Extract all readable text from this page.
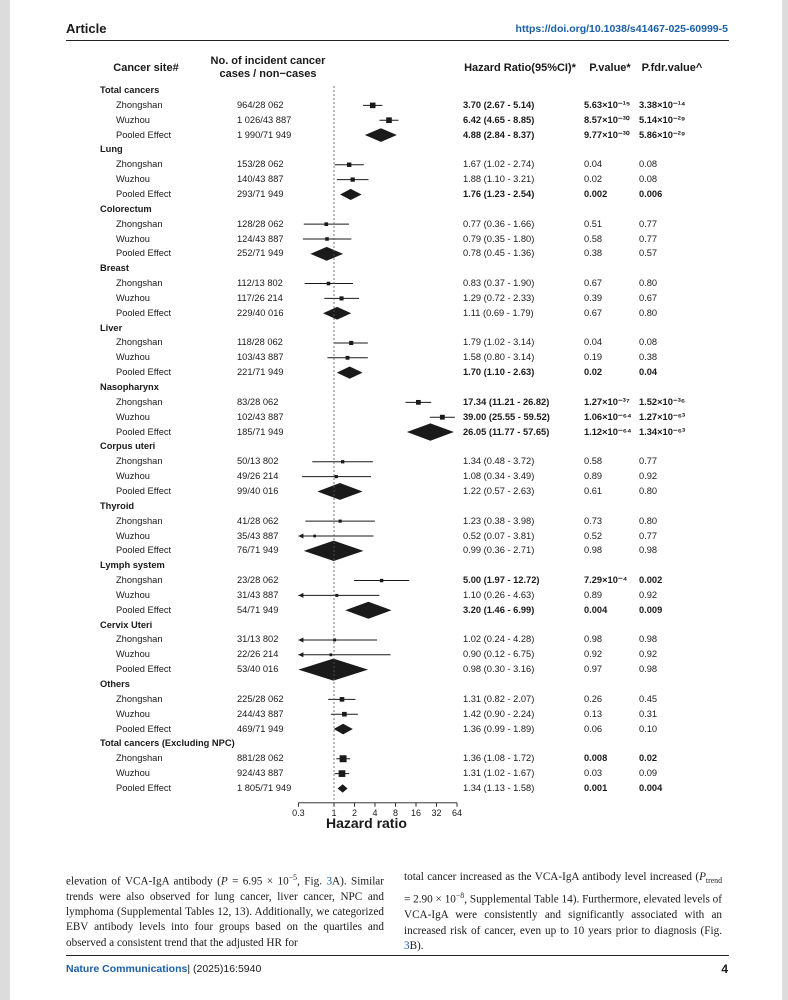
Article	https://doi.org/10.1038/s41467-025-60999-5
Cancer site#
No. of incident cancer
cases / non−cases	Hazard Ratio(95%CI)*	P.value* P.fdr.value^
Total cancers
Zhongshan	964/28 062	3.70 (2.67 - 5.14)	5.63×10⁻¹⁵ 3.38×10⁻¹⁴
Wuzhou	1 026/43 887	6.42 (4.65 - 8.85)	8.57×10⁻³⁰ 5.14×10⁻²⁹
Pooled Effect	1 990/71 949	4.88 (2.84 - 8.37)	9.77×10⁻³⁰ 5.86×10⁻²⁹
Lung
Zhongshan	153/28 062	1.67 (1.02 - 2.74)	0.04	0.08
Wuzhou	140/43 887	1.88 (1.10 - 3.21)	0.02	0.08
Pooled Effect	293/71 949	1.76 (1.23 - 2.54)	0.002	0.006
Colorectum
Zhongshan	128/28 062	0.77 (0.36 - 1.66)	0.51	0.77
Wuzhou	124/43 887	0.79 (0.35 - 1.80)	0.58	0.77
Pooled Effect	252/71 949	0.78 (0.45 - 1.36)	0.38	0.57
Breast
Zhongshan	112/13 802	0.83 (0.37 - 1.90)	0.67	0.80
Wuzhou	117/26 214	1.29 (0.72 - 2.33)	0.39	0.67
Pooled Effect	229/40 016	1.11 (0.69 - 1.79)	0.67	0.80
Liver
Zhongshan	118/28 062	1.79 (1.02 - 3.14)	0.04	0.08
Wuzhou	103/43 887	1.58 (0.80 - 3.14)	0.19	0.38
Pooled Effect	221/71 949	1.70 (1.10 - 2.63)	0.02	0.04
Nasopharynx
Zhongshan	83/28 062	17.34 (11.21 - 26.82)	1.27×10⁻³⁷ 1.52×10⁻³⁶
Wuzhou	102/43 887	39.00 (25.55 - 59.52)	1.06×10⁻⁶⁴ 1.27×10⁻⁶³
Pooled Effect	185/71 949	26.05 (11.77 - 57.65)	1.12×10⁻⁶⁴ 1.34×10⁻⁶³
Corpus uteri
Zhongshan	50/13 802	1.34 (0.48 - 3.72)	0.58	0.77
Wuzhou	49/26 214	1.08 (0.34 - 3.49)	0.89	0.92
Pooled Effect	99/40 016	1.22 (0.57 - 2.63)	0.61	0.80
Thyroid
Zhongshan	41/28 062	1.23 (0.38 - 3.98)	0.73	0.80
Wuzhou	35/43 887	0.52 (0.07 - 3.81)	0.52	0.77
Pooled Effect	76/71 949	0.99 (0.36 - 2.71)	0.98	0.98
Lymph system
Zhongshan	23/28 062	5.00 (1.97 - 12.72)	7.29×10⁻⁴ 0.002
Wuzhou	31/43 887	1.10 (0.26 - 4.63)	0.89	0.92
Pooled Effect	54/71 949	3.20 (1.46 - 6.99)	0.004	0.009
Cervix Uteri
Zhongshan	31/13 802	1.02 (0.24 - 4.28)	0.98	0.98
Wuzhou	22/26 214	0.90 (0.12 - 6.75)	0.92	0.92
Pooled Effect	53/40 016	0.98 (0.30 - 3.16)	0.97	0.98
Others
Zhongshan	225/28 062	1.31 (0.82 - 2.07)	0.26	0.45
Wuzhou	244/43 887	1.42 (0.90 - 2.24)	0.13	0.31
Pooled Effect	469/71 949	1.36 (0.99 - 1.89)	0.06	0.10
Total cancers (Excluding NPC)
Zhongshan	881/28 062	1.36 (1.08 - 1.72)	0.008	0.02
Wuzhou	924/43 887	1.31 (1.02 - 1.67)	0.03	0.09
Pooled Effect	1 805/71 949	1.34 (1.13 - 1.58)	0.001	0.004
Hazard ratio
elevation of VCA-IgA antibody ($P = 6.95 \times 10^{-5}$, Fig. 3A). Similar trends were also observed for lung cancer, liver cancer, NPC and lymphoma (Supplemental Tables 12, 13). Additionally, we categorized EBV antibody levels into four groups based on the quartiles and observed a consistent trend that the adjusted HR for
total cancer increased as the VCA-IgA antibody level increased ($P_{trend} = 2.90 \times 10^{-8}$, Supplemental Table 14). Furthermore, elevated levels of VCA-IgA were consistently and significantly associated with an increased risk of cancer, even up to 10 years prior to diagnosis (Fig. 3B).
Nature Communications| (2025)16:5940	4
0.3	1 2 4 8 16 32 64
